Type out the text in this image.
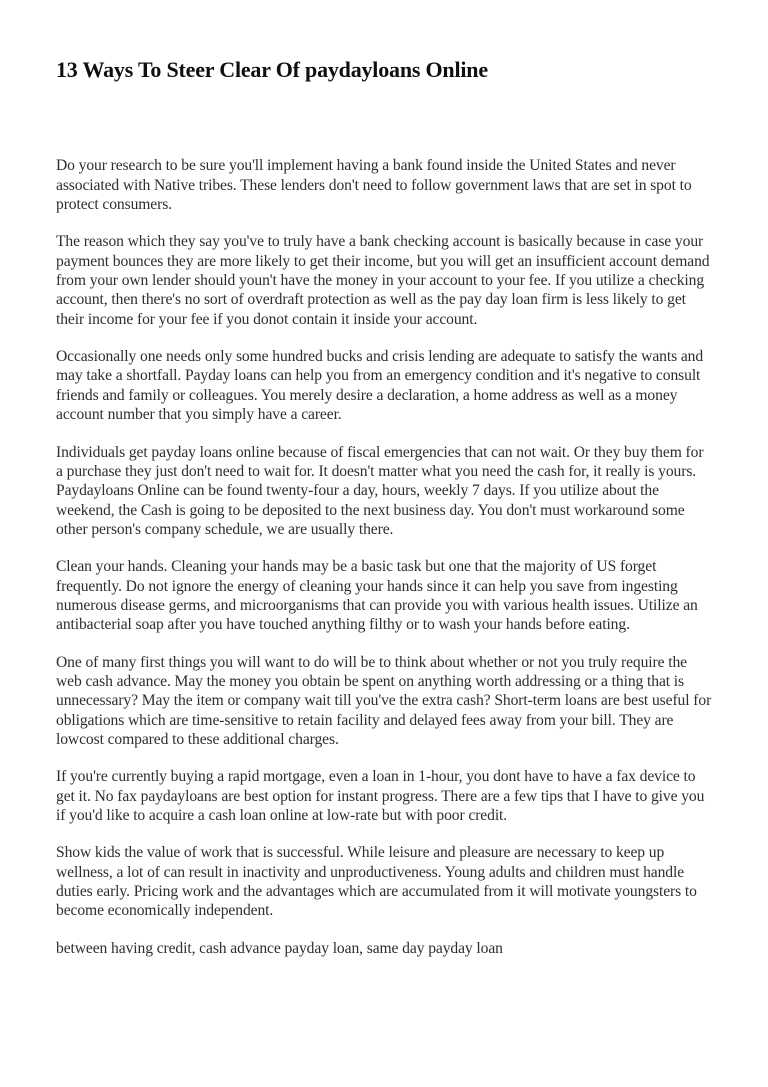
13 Ways To Steer Clear Of paydayloans Online

Do your research to be sure you'll implement having a bank found inside the United States and never associated with Native tribes. These lenders don't need to follow government laws that are set in spot to protect consumers.

The reason which they say you've to truly have a bank checking account is basically because in case your payment bounces they are more likely to get their income, but you will get an insufficient account demand from your own lender should youn't have the money in your account to your fee. If you utilize a checking account, then there's no sort of overdraft protection as well as the pay day loan firm is less likely to get their income for your fee if you donot contain it inside your account.

Occasionally one needs only some hundred bucks and crisis lending are adequate to satisfy the wants and may take a shortfall. Payday loans can help you from an emergency condition and it's negative to consult friends and family or colleagues. You merely desire a declaration, a home address as well as a money account number that you simply have a career.

Individuals get payday loans online because of fiscal emergencies that can not wait. Or they buy them for a purchase they just don't need to wait for. It doesn't matter what you need the cash for, it really is yours. Paydayloans Online can be found twenty-four a day, hours, weekly 7 days. If you utilize about the weekend, the Cash is going to be deposited to the next business day. You don't must workaround some other person's company schedule, we are usually there.

Clean your hands. Cleaning your hands may be a basic task but one that the majority of US forget frequently. Do not ignore the energy of cleaning your hands since it can help you save from ingesting numerous disease germs, and microorganisms that can provide you with various health issues. Utilize an antibacterial soap after you have touched anything filthy or to wash your hands before eating.

One of many first things you will want to do will be to think about whether or not you truly require the web cash advance. May the money you obtain be spent on anything worth addressing or a thing that is unnecessary? May the item or company wait till you've the extra cash? Short-term loans are best useful for obligations which are time-sensitive to retain facility and delayed fees away from your bill. They are lowcost compared to these additional charges.

If you're currently buying a rapid mortgage, even a loan in 1-hour, you dont have to have a fax device to get it. No fax paydayloans are best option for instant progress. There are a few tips that I have to give you if you'd like to acquire a cash loan online at low-rate but with poor credit.

Show kids the value of work that is successful. While leisure and pleasure are necessary to keep up wellness, a lot of can result in inactivity and unproductiveness. Young adults and children must handle duties early. Pricing work and the advantages which are accumulated from it will motivate youngsters to become economically independent.

between having credit, cash advance payday loan, same day payday loan
